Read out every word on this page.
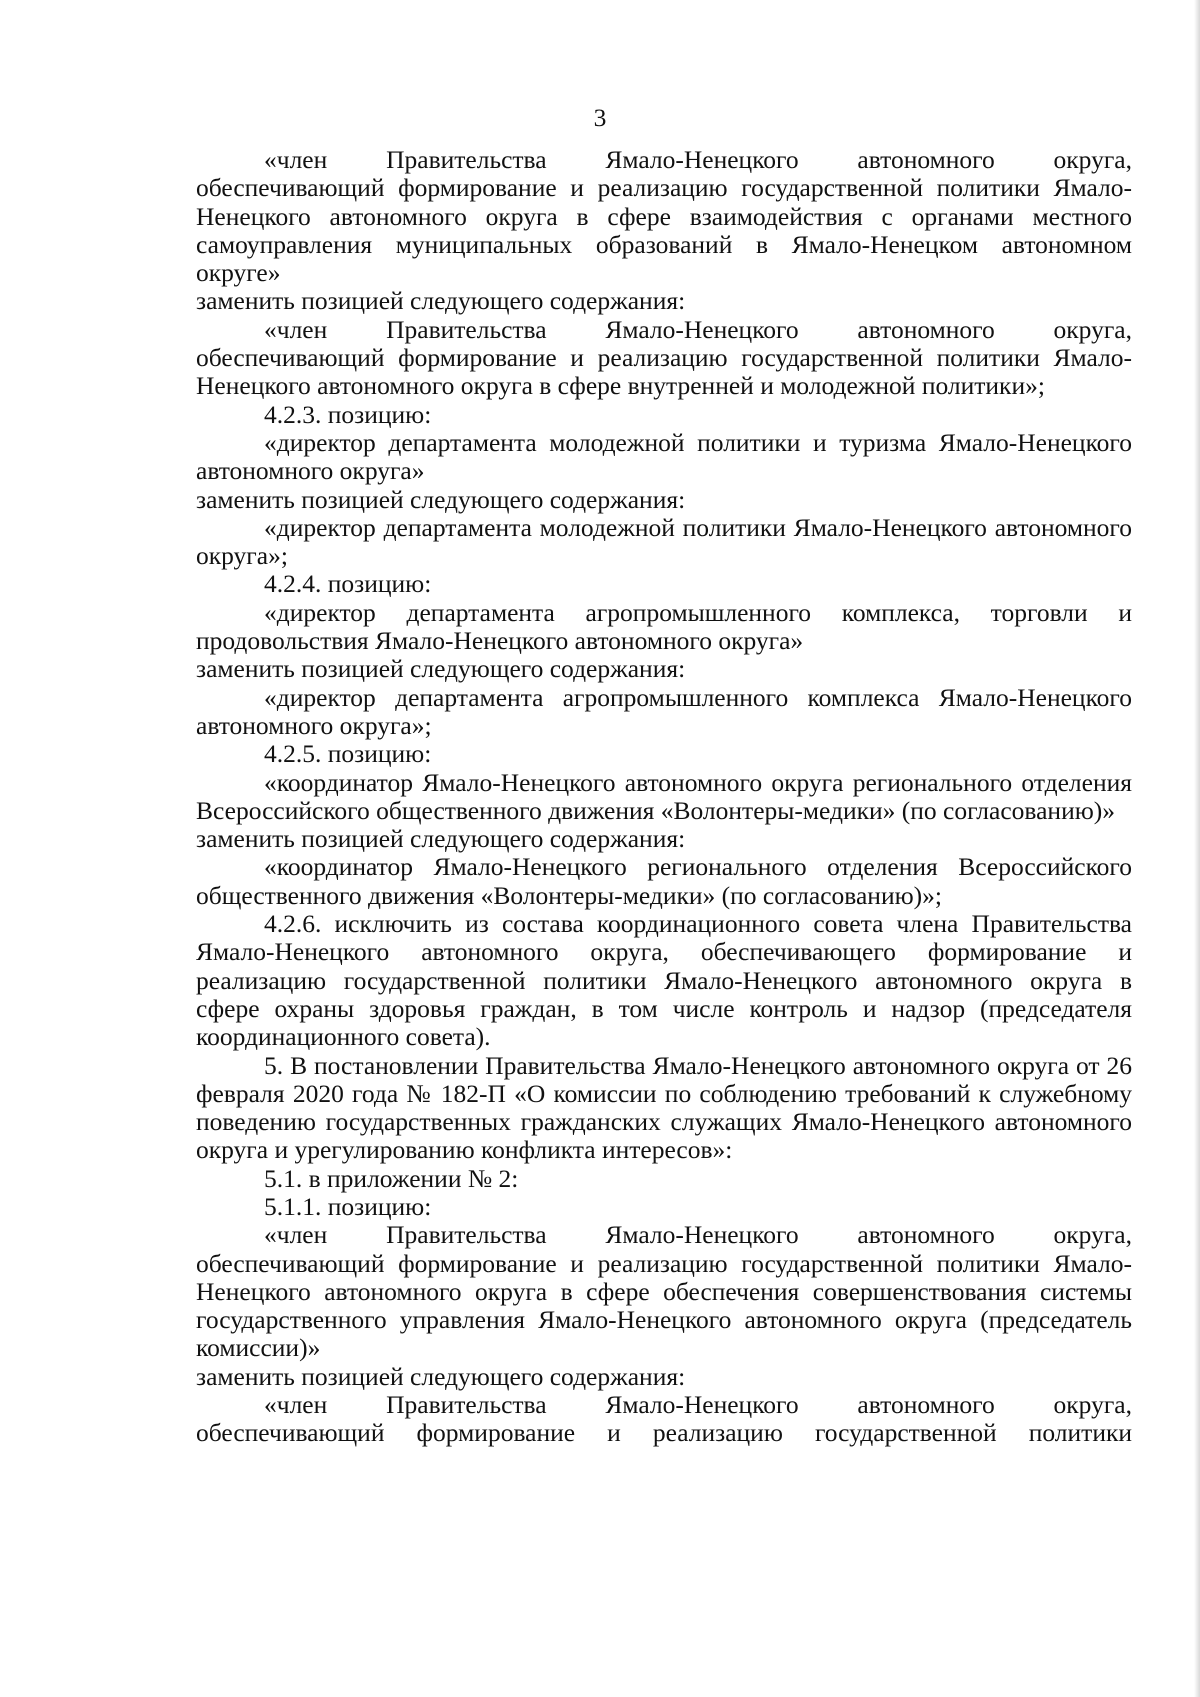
3
«член Правительства Ямало-Ненецкого автономного округа,
обеспечивающий формирование и реализацию государственной политики Ямало-Ненецкого автономного округа в сфере взаимодействия с органами местного самоуправления муниципальных образований в Ямало-Ненецком автономном округе»
заменить позицией следующего содержания:
«член Правительства Ямало-Ненецкого автономного округа,
обеспечивающий формирование и реализацию государственной политики Ямало-Ненецкого автономного округа в сфере внутренней и молодежной политики»;
4.2.3. позицию:
«директор департамента молодежной политики и туризма Ямало-Ненецкого автономного округа»
заменить позицией следующего содержания:
«директор департамента молодежной политики Ямало-Ненецкого автономного округа»;
4.2.4. позицию:
«директор департамента агропромышленного комплекса, торговли и продовольствия Ямало-Ненецкого автономного округа»
заменить позицией следующего содержания:
«директор департамента агропромышленного комплекса Ямало-Ненецкого автономного округа»;
4.2.5. позицию:
«координатор Ямало-Ненецкого автономного округа регионального отделения Всероссийского общественного движения «Волонтеры-медики» (по согласованию)»
заменить позицией следующего содержания:
«координатор Ямало-Ненецкого регионального отделения Всероссийского общественного движения «Волонтеры-медики» (по согласованию)»;
4.2.6. исключить из состава координационного совета члена Правительства Ямало-Ненецкого автономного округа, обеспечивающего формирование и реализацию государственной политики Ямало-Ненецкого автономного округа в сфере охраны здоровья граждан, в том числе контроль и надзор (председателя координационного совета).
5. В постановлении Правительства Ямало-Ненецкого автономного округа от 26 февраля 2020 года № 182-П «О комиссии по соблюдению требований к служебному поведению государственных гражданских служащих Ямало-Ненецкого автономного округа и урегулированию конфликта интересов»:
5.1. в приложении № 2:
5.1.1. позицию:
«член Правительства Ямало-Ненецкого автономного округа,
обеспечивающий формирование и реализацию государственной политики Ямало-Ненецкого автономного округа в сфере обеспечения совершенствования системы государственного управления Ямало-Ненецкого автономного округа (председатель комиссии)»
заменить позицией следующего содержания:
«член Правительства Ямало-Ненецкого автономного округа,
обеспечивающий формирование и реализацию государственной политики
